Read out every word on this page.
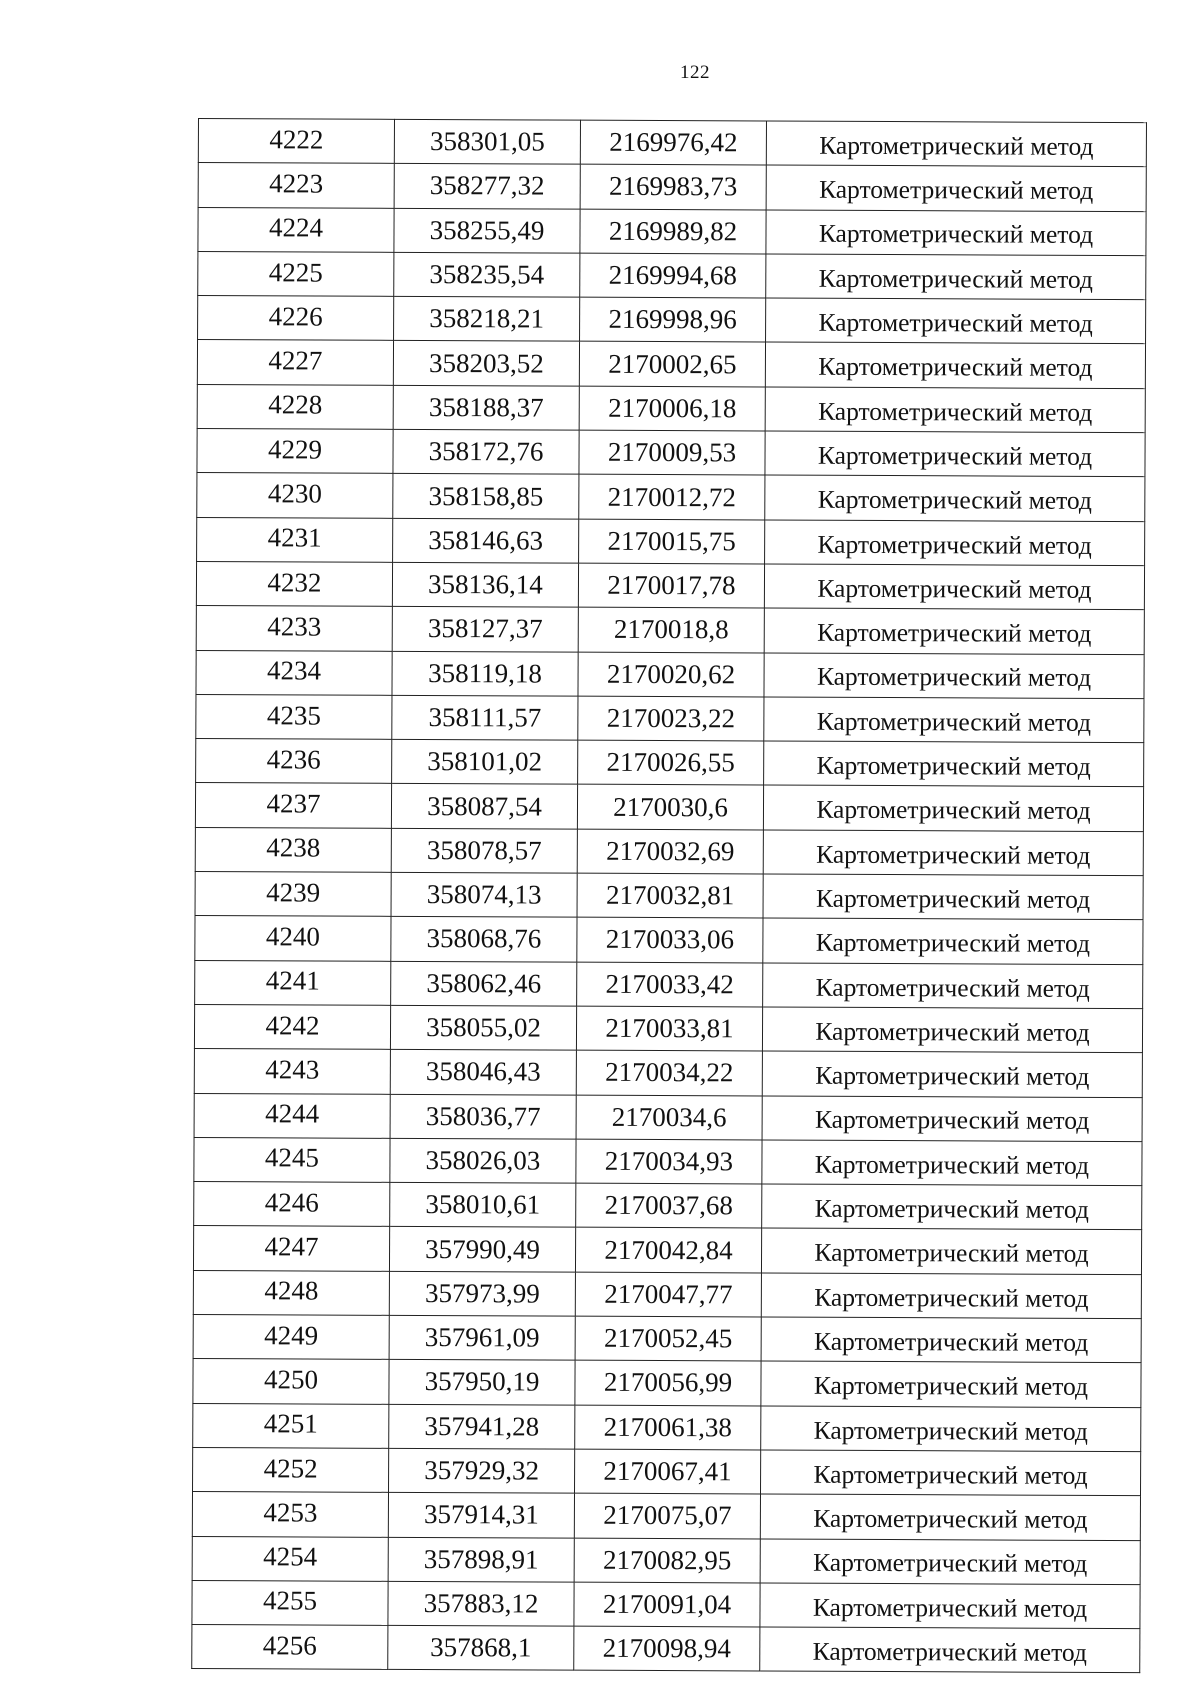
122
4222	358301,05	2169976,42	Картометрический метод
4223	358277,32	2169983,73	Картометрический метод
4224	358255,49	2169989,82	Картометрический метод
4225	358235,54	2169994,68	Картометрический метод
4226	358218,21	2169998,96	Картометрический метод
4227	358203,52	2170002,65	Картометрический метод
4228	358188,37	2170006,18	Картометрический метод
4229	358172,76	2170009,53	Картометрический метод
4230	358158,85	2170012,72	Картометрический метод
4231	358146,63	2170015,75	Картометрический метод
4232	358136,14	2170017,78	Картометрический метод
4233	358127,37	2170018,8	Картометрический метод
4234	358119,18	2170020,62	Картометрический метод
4235	358111,57	2170023,22	Картометрический метод
4236	358101,02	2170026,55	Картометрический метод
4237	358087,54	2170030,6	Картометрический метод
4238	358078,57	2170032,69	Картометрический метод
4239	358074,13	2170032,81	Картометрический метод
4240	358068,76	2170033,06	Картометрический метод
4241	358062,46	2170033,42	Картометрический метод
4242	358055,02	2170033,81	Картометрический метод
4243	358046,43	2170034,22	Картометрический метод
4244	358036,77	2170034,6	Картометрический метод
4245	358026,03	2170034,93	Картометрический метод
4246	358010,61	2170037,68	Картометрический метод
4247	357990,49	2170042,84	Картометрический метод
4248	357973,99	2170047,77	Картометрический метод
4249	357961,09	2170052,45	Картометрический метод
4250	357950,19	2170056,99	Картометрический метод
4251	357941,28	2170061,38	Картометрический метод
4252	357929,32	2170067,41	Картометрический метод
4253	357914,31	2170075,07	Картометрический метод
4254	357898,91	2170082,95	Картометрический метод
4255	357883,12	2170091,04	Картометрический метод
4256	357868,1	2170098,94	Картометрический метод
